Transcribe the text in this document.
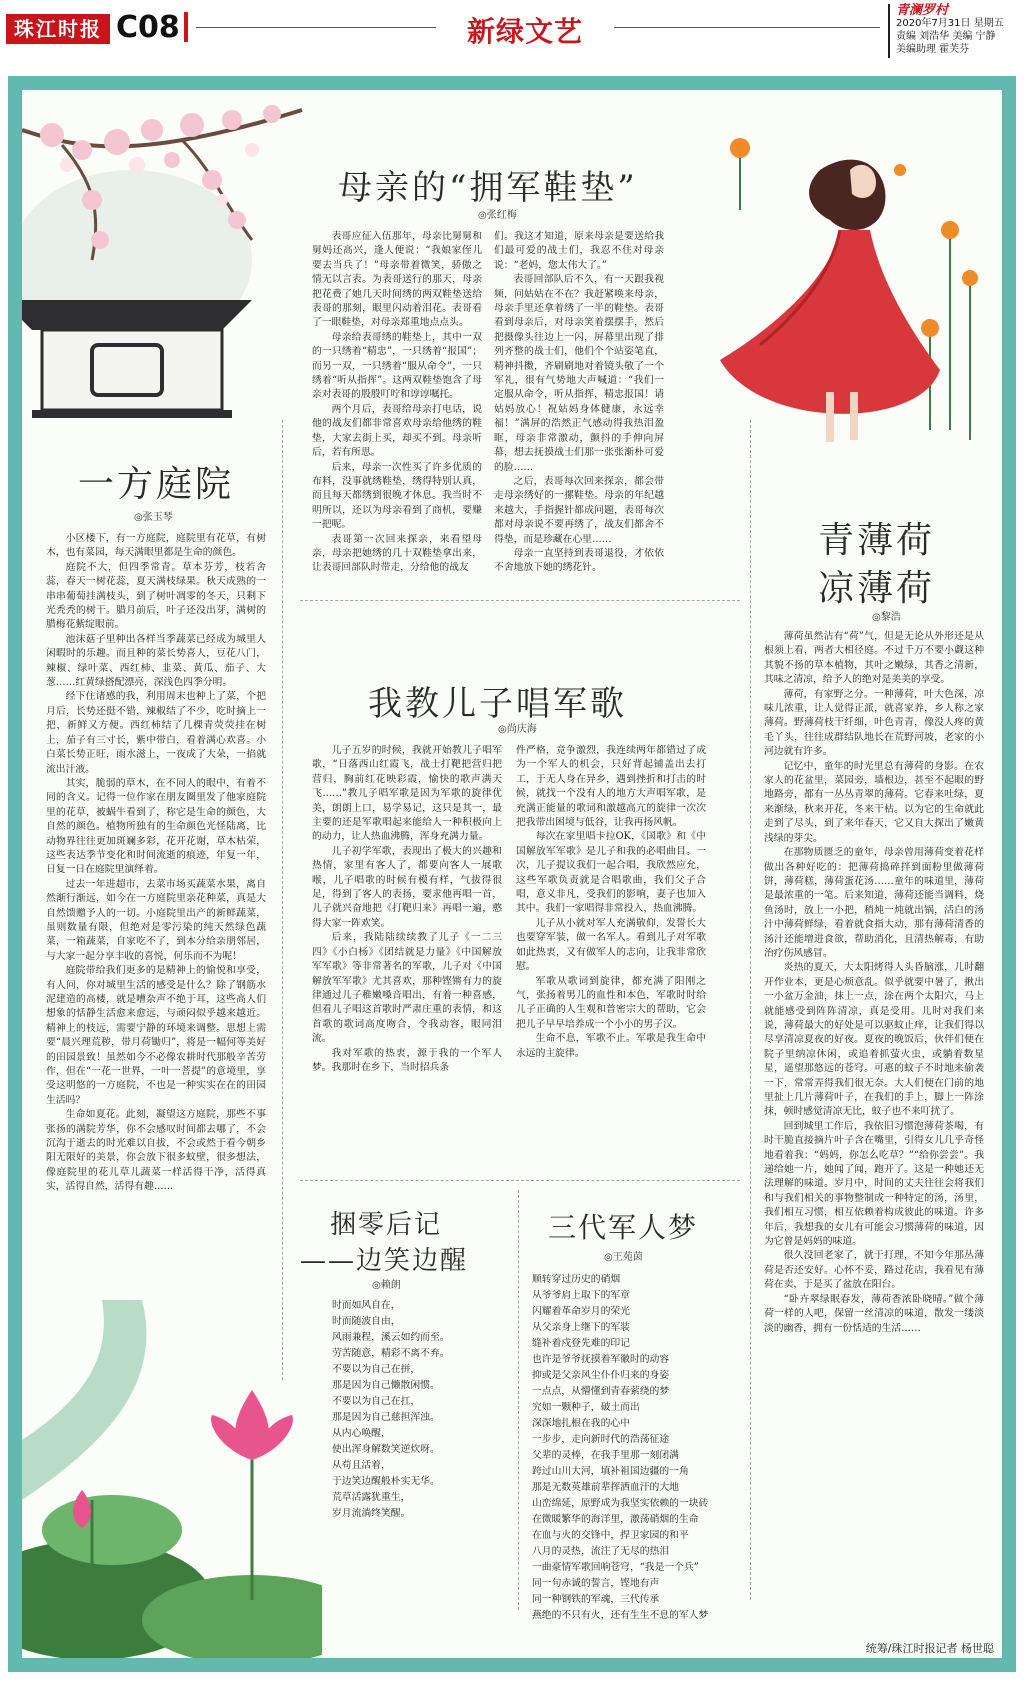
珠江时报 C08	新绿文艺
青澜罗村
2020年7月31日 星期五
责编 刘浩华 美编 宁静
美编助理 霍芙芬
母亲的“拥军鞋垫”
◎张红梅

表哥应征入伍那年，母亲比舅舅和舅妈还高兴，逢人便说：“我娘家侄儿要去当兵了！”母亲带着微笑，骄傲之情无以言表。为表哥送行的那天，母亲把花费了她几天时间绣的两双鞋垫送给表哥的那刻，眼里闪动着泪花。表哥看了一眼鞋垫，对母亲郑重地点点头。

母亲给表哥绣的鞋垫上，其中一双的一只绣着“精忠”，一只绣着“报国”；而另一双，一只绣着“服从命令”，一只绣着“听从指挥”。这两双鞋垫饱含了母亲对表哥的殷殷叮咛和谆谆嘱托。

两个月后，表哥给母亲打电话，说他的战友们都非常喜欢母亲给他绣的鞋垫，大家去街上买，却买不到。母亲听后，若有所思。

后来，母亲一次性买了许多优质的布料，没事就绣鞋垫，绣得特别认真，而且每天都绣到很晚才休息。我当时不明所以，还以为母亲看到了商机，要赚一把呢。

表哥第一次回来探亲，来看望母亲，母亲把她绣的几十双鞋垫拿出来，让表哥回部队时带走，分给他的战友

们。我这才知道，原来母亲是要送给我们最可爱的战士们，我忍不住对母亲说：“老妈，您太伟大了。”

表哥回部队后不久，有一天跟我视频，问姑姑在不在？我赶紧唤来母亲，母亲手里还拿着绣了一半的鞋垫。表哥看到母亲后，对母亲笑着摆摆手，然后把摄像头往边上一闪，屏幕里出现了排列齐整的战士们，他们个个站姿笔直，精神抖擞，齐刷刷地对着镜头敬了一个军礼，很有气势地大声喊道：“我们一定服从命令，听从指挥，精忠报国！请姑妈放心！祝姑妈身体健康，永远幸福！”满屏的浩然正气感动得我热泪盈眶，母亲非常激动，颤抖的手伸向屏幕，想去抚摸战士们那一张张渐朴可爱的脸……

之后，表哥每次回来探亲，都会带走母亲绣好的一摞鞋垫。母亲的年纪越来越大，手指握针都成问题，表哥每次都对母亲说不要再绣了，战友们都舍不得垫，而是珍藏在心里……

母亲一直坚持到表哥退役，才依依不舍地放下她的绣花针。

一方庭院
◎张玉琴

小区楼下，有一方庭院，庭院里有花草，有树木，也有菜园，每天满眼里都是生命的颜色。

庭院不大，但四季常青。草本芬芳，枝若舍蕊，春天一树花蕊，夏天满枝绿果。秋天成熟的一串串葡萄挂满枝头，到了树叶凋零的冬天，只剩下光秃秃的树干。腊月前后，叶子还没出芽，满树的腊梅花紫绽眼前。

池沫菇子里种出各样当季蔬菜已经成为城里人闲暇时的乐趣。而且种的菜长势喜人，豆花八门，辣椒、绿叶菜、西红柿、韭菜、黄瓜、茄子、大葱……红黄绿搭配漂亮，深浅色四季分明。

经下住诸感的我，利用周末也种上了菜，个把月后，长势还挺不错，辣椒结了不少，吃时摘上一把，新鲜又方便。西红柿结了几棵青荧荧挂在树上，茄子有三寸长，紫中带白，看着满心欢喜。小白菜长势正旺，雨水滋上，一夜成了大朵，一掐就流出汁液。

其实，脆弱的草木，在不同人的眼中，有着不同的含义。记得一位作家在朋友圈里发了他家庭院里的花草，被蜗牛看到了，称它是生命的颜色，大自然的颜色。植物所独有的生命颜色光怪陆离，比动物界往往更加斑斓多彩，花开花谢，草木枯荣，这些表达季节变化和时间流逝的痕迹，年复一年，日复一日在庭院里演绎着。

过去一年进超市，去菜市场买蔬菜水果，离自然渐行渐远，如今在一方庭院里亲花种菜，真是大自然馈赠予人的一切。小庭院里出产的新鲜蔬菜，虽则数量有限，但绝对是零污染的纯天然绿色蔬菜，一箱蔬菜，自家吃不了，到本分给亲朋邻居，与大家一起分享丰收的喜悦，何乐而不为呢！

庭院带给我们更多的是精神上的愉悦和享受，有人问，你对城里生活的感受是什么？除了钢筋水泥建造的高楼，就是嘈杂声不绝于耳，这些高人们想象的恬静生活愈来愈远，与顽闷似乎越来越近。精神上的枝远，需要宁静的环境来调整。思想上需要“晨兴理荒秽，带月荷锄归”，将是一幅何等美好的田园景致！虽然如今不必像农耕时代那般辛苦劳作，但在“一花一世界，一叶一菩提”的意境里，享受这明悠的一方庭院，不也是一种实实在在的田园生活吗？

生命如夏花。此刻，凝望这方庭院，那些不事张扬的满院芳华，你不会感叹时间都去哪了，不会沉沟于逝去的时光难以自拔，不会或然于看今朝乡阳无限好的美景，你会放下很多蚊壁，很多想法，像庭院里的花儿草儿蔬菜一样活得干净，活得真实，活得自然，活得有趣……

我教儿子唱军歌
◎尚庆海

儿子五岁的时候，我就开始教儿子唱军歌，“日落西山红霞飞，战士打靶把营归把营归，胸前红花映彩霞，愉快的歌声满天飞……”教儿子唱军歌是因为军歌的旋律优美，朗朗上口，易学易记，这只是其一，最主要的还是军歌唱起来能给人一种积极向上的动力，让人热血沸腾，浑身充满力量。

儿子初学军歌，表现出了极大的兴趣和热情，家里有客人了，都要向客人一展歌喉，儿子唱歌的时候有模有样，气拔得很足，得到了客人的表扬，要求他再唱一首，儿子就兴奋地把《打靶归来》再唱一遍，憨得大家一阵欢笑。

后来，我陆陆续续教了儿子《一二三四》《小白杨》《团结就是力量》《中国解放军军歌》等非常著名的军歌，儿子对《中国解放军军歌》尤其喜欢，那种铿锵有力的旋律通过儿子稚嫩嗓音唱出，有着一种喜感，但看儿子唱这首歌时严肃庄重的表情，和这首歌的歌词高度吻合，令我动容，眼同泪流。

我对军歌的热衷，源于我的一个军人梦。我那时在乡下，当时招兵条

件严格，竞争激烈，我连续两年都错过了成为一个军人的机会，只好背起铺盖出去打工，于无人身在异乡，遇到挫折和打击的时候，就找一个没有人的地方大声唱军歌，是充满正能量的歌词和激越高亢的旋律一次次把我带出困境与低谷，让我再扬风帆。

每次在家里唱卡拉OK，《国歌》和《中国解放军军歌》是儿子和我的必唱曲目。一次，儿子提议我们一起合唱，我欣然应允，这些军歌负责就是合唱歌曲，我们父子合唱，意义非凡，受我们的影响，妻子也加入其中。我们一家唱得非常投入，热血沸腾。

儿子从小就对军人充满敬仰，发誓长大也要穿军装，做一名军人。看到儿子对军歌如此热衷，又有做军人的志向，让我非常欣慰。

军歌从歌词到旋律，都充满了阳刚之气，张扬着男儿的血性和本色，军歌时时给儿子正确的人生观和普密宗大的帮助，它会把儿子早早培养成一个小小的男子汉。

生命不息，军歌不止。军歌是我生命中永远的主旋律。

青薄荷
凉薄荷
◎黎浩

薄荷虽然沾有“荷”气，但是无论从外形还是从根须上看，两者大相径庭。不过千万不要小觑这种其貌不扬的草本植物，其叶之嫩绿，其香之清新，其味之清凉，给予人的绝对是美美的享受。

薄荷，有家野之分。一种薄荷，叶大色深，凉味儿浓重，让人觉得正派，就喜家养，乡人称之家薄荷。野薄荷枝干纤细，叶色青青，像没人疼的黄毛丫头，往往成群结队地长在荒野河坡，老家的小河边就有许多。

记忆中，童年的时光里总有薄荷的身影。在农家人的花盆里，菜园旁，墙根边，甚至不起眼的野地路旁，都有一丛丛青翠的薄荷。它春来吐绿，夏来渐绿，秋来开花，冬来干枯。以为它的生命就此走到了尽头，到了来年春天，它又自大探出了嫩黄浅绿的芽尖。

在那物质匮乏的童年，母亲曾用薄荷变着花样做出各种好吃的：把薄荷捣碎拌到面粉里做薄荷饼，薄荷糕，薄荷蛋花汤……童年的味道里，薄荷是最浓重的一笔。后来知道，薄荷还能当调料，烧鱼汤时，放上一小把，稍炖一炖就出锅，活白的汤汁中薄荷鲜绿，看着就食指大动，那有薄荷清香的汤汁还能增进食欲，帮助消化，且清热解毒，有助治疗伤风感冒。

炎热的夏天，大太阳烤得人头昏脑涨，儿时翻开作业本，更是心烦意乱。似乎就要中暑了，揪出一小盆万金油，抹上一点，涂在两个太阳穴，马上就能感受到阵阵清凉，真是受用。儿时对我们来说，薄荷最大的好处是可以驱蚊止痒，让我们得以尽享清凉夏夜的好夜。夏夜的晚饭后，伙伴们便在院子里纳凉休闲，或追着抓萤火虫，或躺着数星星，遥望那悠远的苍穹。可惠的蚊子不时地来偷袭一下，常常弄得我们很无奈。大人们便在门前的地里扯上几片薄荷叶子，在我们的手上，脚上一阵涂抹，顿时感觉清凉无比，蚊子也不来叮扰了。

回到城里工作后，我依旧习惯泡薄荷茶喝，有时干脆直接摘片叶子含在嘴里，引得女儿几乎奇怪地看着我：“妈妈，你怎么吃草？”“给你尝尝”。我递给她一片，她闻了闻，跑开了。这是一种她还无法理解的味道。岁月中，时间的丈夫往往会将我们和与我们相关的事物整制成一种特定的汤，汤里，我们相互习惯，相互依赖着构成彼此的味道。许多年后，我想我的女儿有可能会习惯薄荷的味道，因为它曾是妈妈的味道。

很久没回老家了，就于打理，不知今年那丛薄荷是否还安好。心怀不妥，路过花店，我看见有薄荷在卖，于是买了盆放在阳台。

“卧卉翠绿眠春发，薄荷香浓卧晓晴。”做个薄荷一样的人吧，保留一丝清凉的味道，散发一缕淡淡的幽香，拥有一份恬适的生活……

捆零后记
——边笑边醒
◎赖朗
时而如风自在，
时而随波自由，
风雨兼程，溪云如约而至。
劳苦随意，精彩不离不弃。
不要以为自己在拼，
那是因为自己懒散闲惯。
不要以为自己在扛，
那是因为自己慈担浑浊。
从内心唤醒，
使出浑身解数笑逆炊呀。
从苟且活着，
于边笑边醒般朴实无华。
荒草活露犹重生，
岁月流淌终笑醒。
三代军人梦
◎王苑茵
顺转穿过历史的硝烟
从爷爷肩上取下的军章
闪耀着革命岁月的荣光
从父亲身上继下的军装
缝补着戍登先难的印记
也许是爷爷抚摸着军徽时的动容
抑或是父亲风尘仆仆归来的身姿
一点点，从懵懂到青春萦绕的梦
究如一颗种子，破土而出
深深地扎根在我的心中
一步步，走向新时代的浩荡征途
父辈的灵棒，在我手里那一刻闭满
跨过山川大河，填补祖国边疆的一角
那是无数英雄前辈挥洒血汗的大地
山峦绵延，原野成为我坚实依赖的一块砖
在微暖繁华的海洋里，激荡硝烟的生命
在血与火的交锋中，捍卫家园的和平
八月的灵热，流注了无尽的热泪
一曲豪情军歌回响苍穹，“我是一个兵”
同一句赤诚的誓言，铿地有声
同一种钢铁的军魂，三代传承
燕绝的不只有火，还有生生不息的军人梦
统筹/珠江时报记者 杨世聪
